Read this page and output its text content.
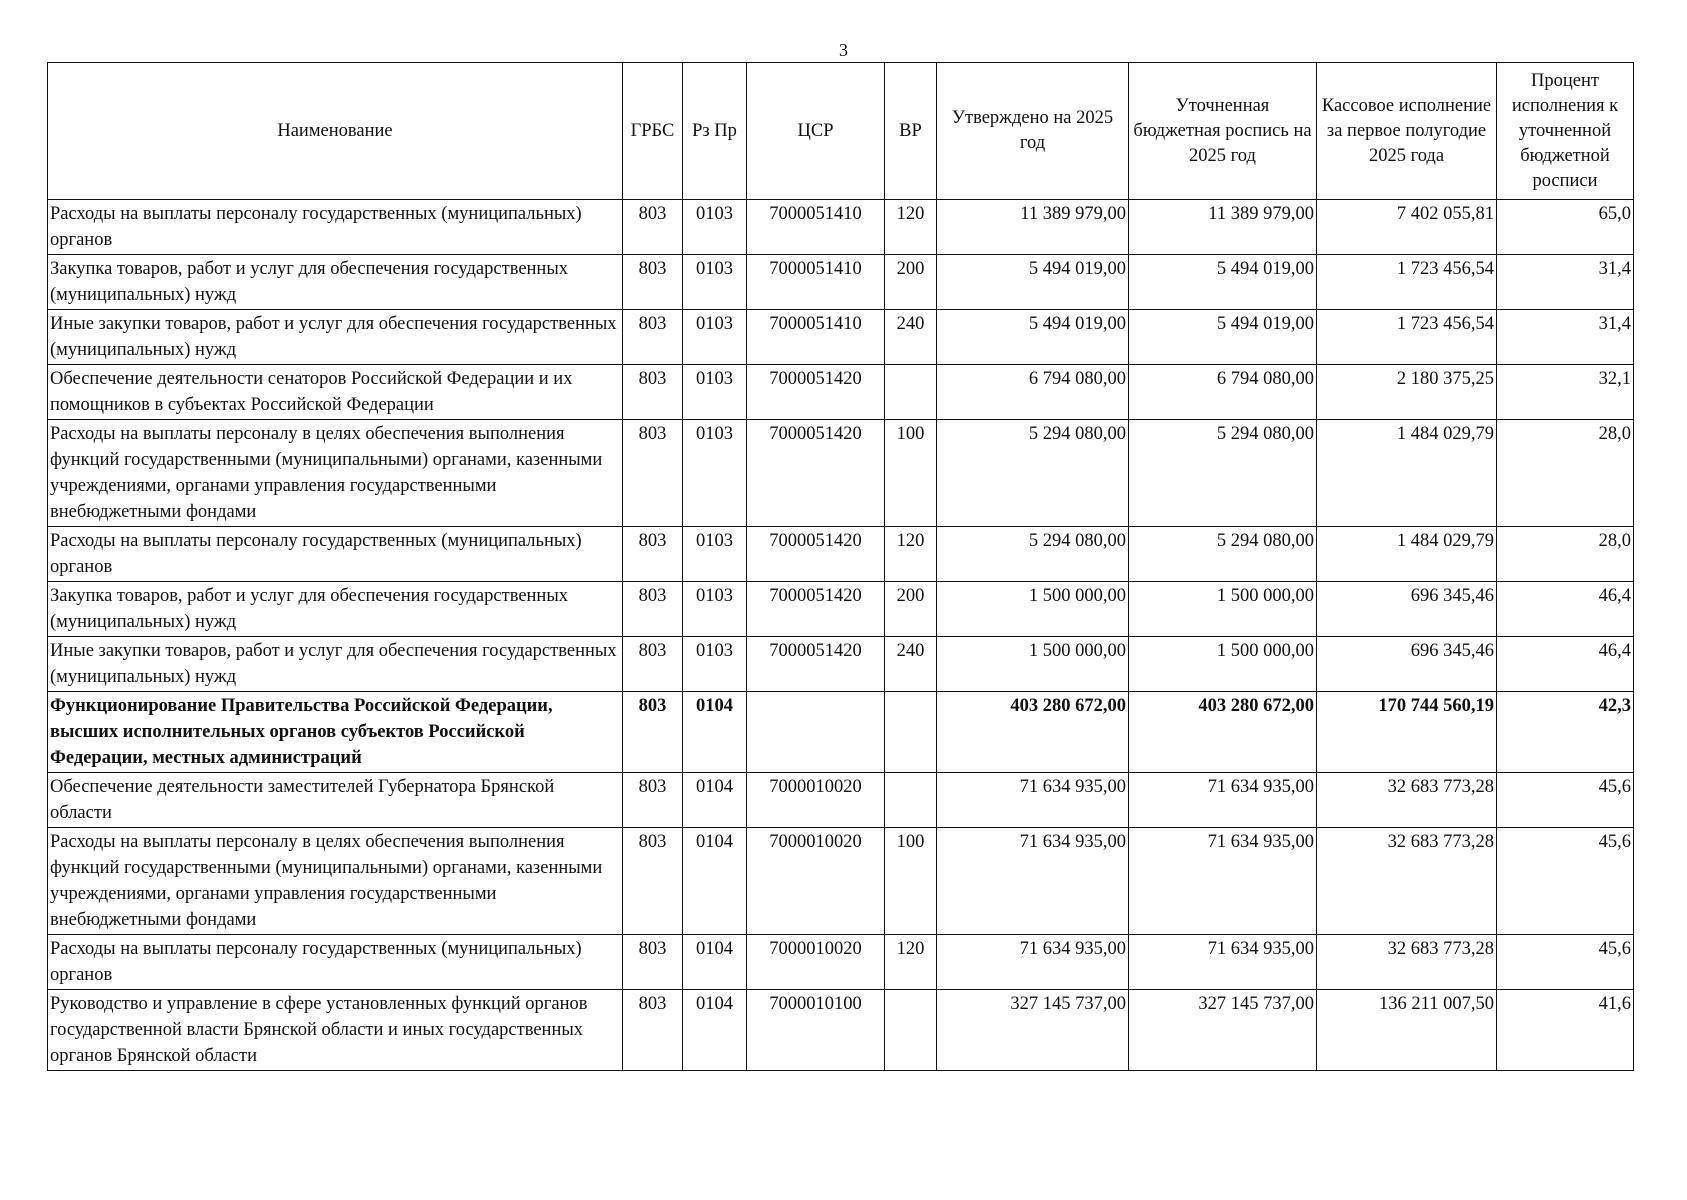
3
Наименование	ГРБС	Рз Пр	ЦСР	ВР	Утверждено на 2025 год	Уточненная бюджетная роспись на 2025 год	Кассовое исполнение за первое полугодие 2025 года	Процент исполнения к уточненной бюджетной росписи
Расходы на выплаты персоналу государственных (муниципальных) органов	803	0103	7000051410	120	11 389 979,00	11 389 979,00	7 402 055,81	65,0
Закупка товаров, работ и услуг для обеспечения государственных (муниципальных) нужд	803	0103	7000051410	200	5 494 019,00	5 494 019,00	1 723 456,54	31,4
Иные закупки товаров, работ и услуг для обеспечения государственных (муниципальных) нужд	803	0103	7000051410	240	5 494 019,00	5 494 019,00	1 723 456,54	31,4
Обеспечение деятельности сенаторов Российской Федерации и их помощников в субъектах Российской Федерации	803	0103	7000051420		6 794 080,00	6 794 080,00	2 180 375,25	32,1
Расходы на выплаты персоналу в целях обеспечения выполнения функций государственными (муниципальными) органами, казенными учреждениями, органами управления государственными внебюджетными фондами	803	0103	7000051420	100	5 294 080,00	5 294 080,00	1 484 029,79	28,0
Расходы на выплаты персоналу государственных (муниципальных) органов	803	0103	7000051420	120	5 294 080,00	5 294 080,00	1 484 029,79	28,0
Закупка товаров, работ и услуг для обеспечения государственных (муниципальных) нужд	803	0103	7000051420	200	1 500 000,00	1 500 000,00	696 345,46	46,4
Иные закупки товаров, работ и услуг для обеспечения государственных (муниципальных) нужд	803	0103	7000051420	240	1 500 000,00	1 500 000,00	696 345,46	46,4
Функционирование Правительства Российской Федерации, высших исполнительных органов субъектов Российской Федерации, местных администраций	803	0104			403 280 672,00	403 280 672,00	170 744 560,19	42,3
Обеспечение деятельности заместителей Губернатора Брянской области	803	0104	7000010020		71 634 935,00	71 634 935,00	32 683 773,28	45,6
Расходы на выплаты персоналу в целях обеспечения выполнения функций государственными (муниципальными) органами, казенными учреждениями, органами управления государственными внебюджетными фондами	803	0104	7000010020	100	71 634 935,00	71 634 935,00	32 683 773,28	45,6
Расходы на выплаты персоналу государственных (муниципальных) органов	803	0104	7000010020	120	71 634 935,00	71 634 935,00	32 683 773,28	45,6
Руководство и управление в сфере установленных функций органов государственной власти Брянской области и иных государственных органов Брянской области	803	0104	7000010100		327 145 737,00	327 145 737,00	136 211 007,50	41,6
